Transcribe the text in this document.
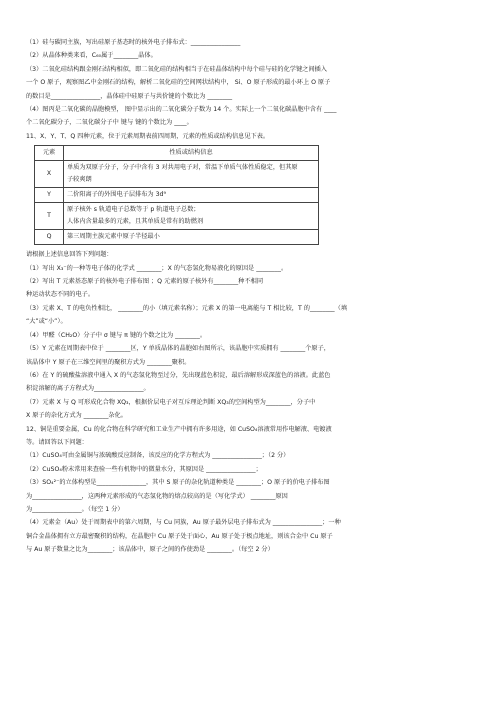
（1）硅与碳同主族，写出硅原子基态时的核外电子排布式：________________
（2）从晶体种类来看，C₆₀属于________晶体。
（3）二氧化硅结构跟金刚石结构相似，即二氧化硅的结构相当于在硅晶体结构中每个硅与硅的化学键之间插入
一个 O 原子，观察图乙中金刚石的结构，解析二氧化硅的空间网状结构中， Si、O 原子形成的最小环上 O 原子
的数目是________________，晶体硅中硅原子与共价键的个数比为 ________
（4）图丙是二氧化碳的晶胞模型， 图中显示出的二氧化碳分子数为 14 个。实际上一个二氧化碳晶胞中含有 ____
个二氧化碳分子，二氧化碳分子中 键与 键的个数比为 ____。
11、X、Y、T、Q 四种元素，位于元素周期表前四周期，元素的性质或结构信息见下表。
元素	性质或结构信息
X	单质为双原子分子，分子中含有 3 对共用电子对，常温下单质气体性质稳定，但其原
子较爽朗

Y	二价阳离子的外围电子层排布为 3d⁹

T	原子核外 s 轨道电子总数等于 p 轨道电子总数；
人体内含量最多的元素，且其单质是常有的助燃剂

Q	第三周期主族元素中原子半径最小
请根据上述信息回答下列问题：
（1）写出 X₃⁻的一种等电子体的化学式 ________；X 的气态氢化物易液化的原因是 ________。
（2）写出 T 元素基态原子的核外电子排布图 ；Q 元素的原子核外有________种不相同
种运动状态不同的电子。
（3）元素 X、T 的电负性相比， ________的小（填元素名称）；元素 X 的第一电离能与 T 相比较，T 的________（填
“大”或“小”）。
（4）甲醛（CH₂O）分子中 σ 键与 π 键的个数之比为 ________。
（5）Y 元素在周期表中位于 ________区，Y 单质晶体的晶胞如右图所示，该晶胞中实质拥有 ________个原子，
该晶体中 Y 原子在三维空间里的聚积方式为 ________聚积。
（6）在 Y 的硫酸盐溶液中通入 X 的气态氢化物至过分，先出现蓝色积淀，最后溶解形成深蓝色的溶液。此蓝色
积淀溶解的离子方程式为________________。
（7）元素 X 与 Q 可形成化合物 XQ₃，根据价层电子对互斥理论判断 XQ₃的空间构型为________，分子中
X 原子的杂化方式为 ________杂化。
12、铜是重要金属，Cu 的化合物在科学研究和工业生产中拥有许多用途，如 CuSO₄溶液常用作电解液、电镀液
等。请回答以下问题：
（1）CuSO₄可由金属铜与浓硫酸反应制备，该反应的化学方程式为 ________________；（2 分）
（2）CuSO₄粉末常用来查验一些有机物中的微量水分，其原因是 ________________；
（3）SO₄²⁻的立体构型是________________，其中 S 原子的杂化轨道种类是 ________；O 原子的价电子排布图
为________________，这两种元素形成的气态氢化物的熔点较高的是（写化学式） ________原因
为________________。（每空 1 分）
（4）元素金（Au）处于周期表中的第六周期，与 Cu 同族，Au 原子最外层电子排布式为 ________________；一种
铜合金晶体拥有立方最密聚积的结构，在晶胞中 Cu 原子处于面心，Au 原子处于极点地址，则该合金中 Cu 原子
与 Au 原子数量之比为________；该晶体中，原子之间的作使劲是 ________。（每空 2 分）
